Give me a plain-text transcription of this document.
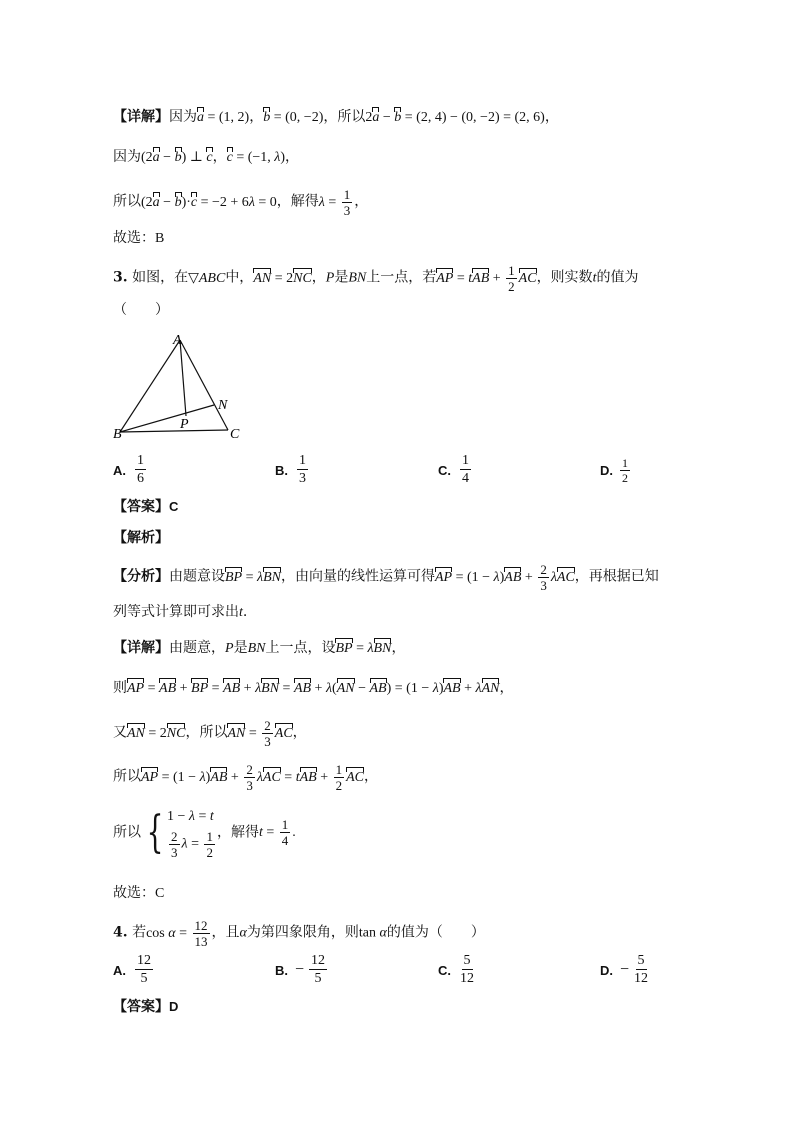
【详解】因为a = (1, 2)，b = (0, −2)，所以2a − b = (2, 4) − (0, −2) = (2, 6)，
因为(2a − b) ⊥ c，c = (−1, λ)，
所以(2a − b)·c = −2 + 6λ = 0，解得$\lambda = \frac{1}{3}$ ，
故选：B
3. 如图，在▽ABC中，AN = 2NC，P是BN上一点，若AP = tAB + $\frac{1}{2}$ AC，则实数t的值为
（　　）
A
B	C
N
P
A. $\frac{1}{6}$	B. $\frac{1}{3}$	C. $\frac{1}{4}$	D. $\frac{1}{2}$
【答案】C
【解析】
【分析】由题意设BP = λBN，由向量的线性运算可得AP = $(1 - \lambda)AB + \frac{2}{3}$ λAC，再根据已知
列等式计算即可求出t.
【详解】由题意，P是BN上一点，设BP = λBN，
则AP = AB + BP = AB + λBN = AB + λ(AN − AB) = (1 − λ)AB + λAN，
又AN = 2NC，所以AN = $\frac{2}{3}$ AC，
所以AP = $(1 - \lambda)AB + \frac{2}{3}$ λAC = tAB + $\frac{1}{2}$ AC，
所以 { 1 − λ = t
$\frac{2}{3}$ $\lambda = \frac{1}{2}$ ，解得$t = \frac{1}{4}$ .
故选：C
4. 若$\cos \alpha = \frac{12}{13}$ ，且α为第四象限角，则tan α的值为（　　）
A. $\frac{12}{5}$	B. − $\frac{12}{5}$	C. $\frac{5}{12}$	D. − $\frac{5}{12}$
【答案】D
